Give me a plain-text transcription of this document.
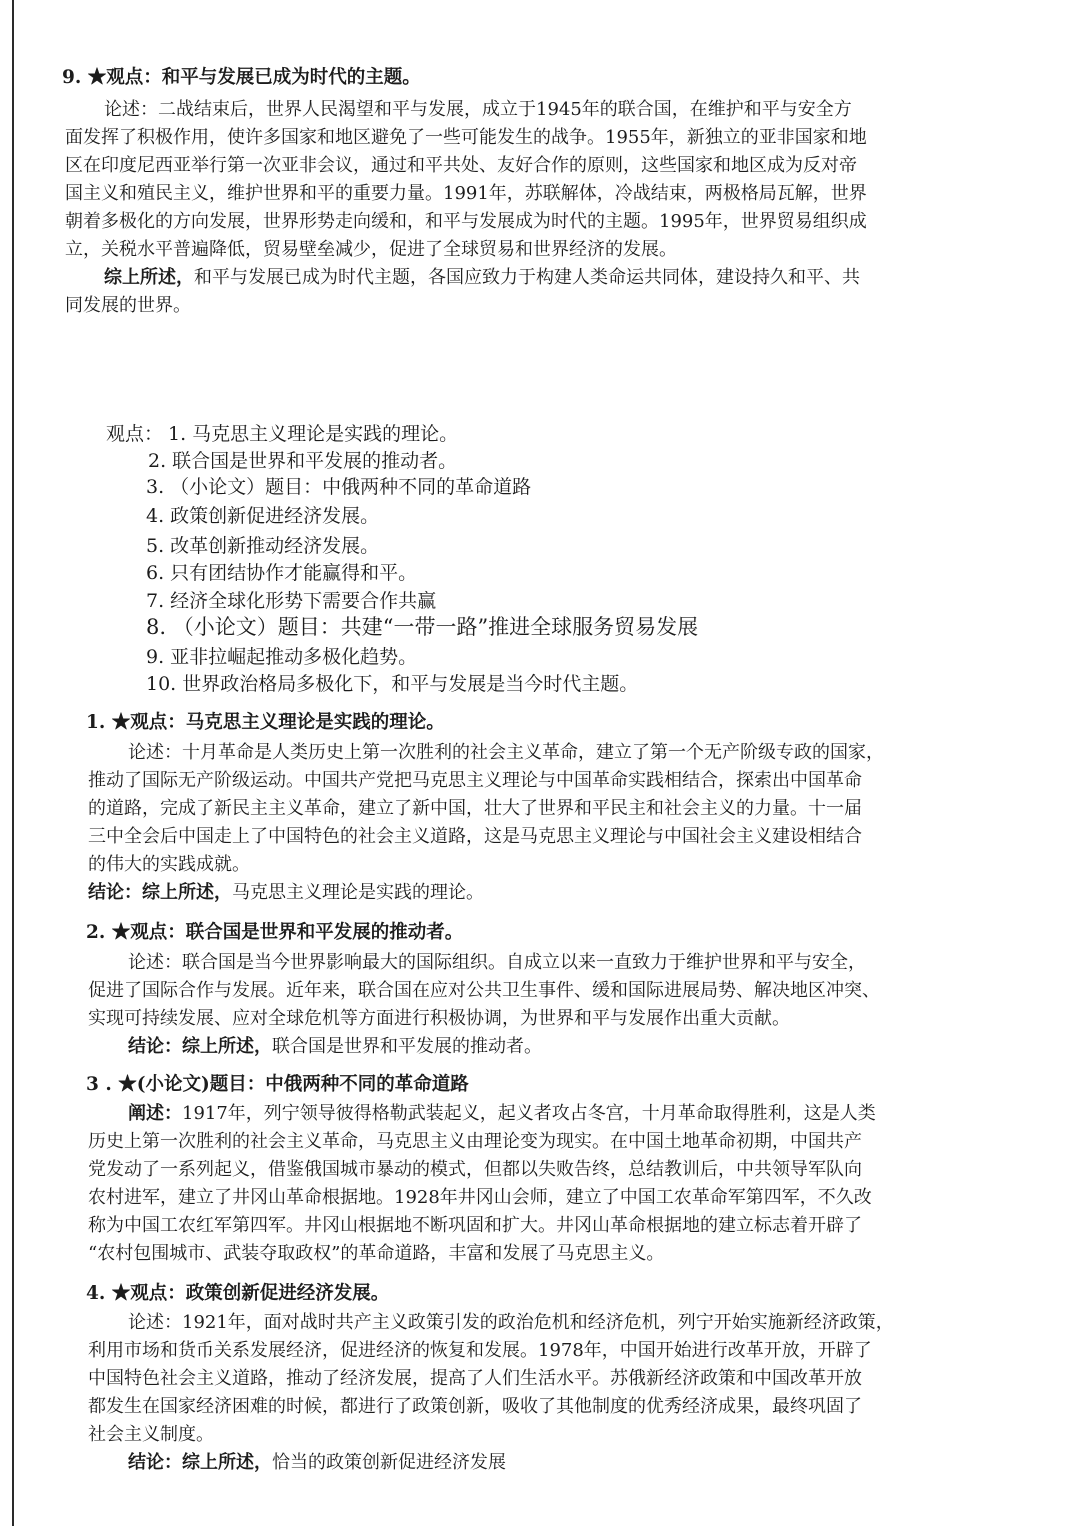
9. ★观点：和平与发展已成为时代的主题。
论述：二战结束后，世界人民渴望和平与发展，成立于1945年的联合国，在维护和平与安全方
面发挥了积极作用，使许多国家和地区避免了一些可能发生的战争。1955年，新独立的亚非国家和地
区在印度尼西亚举行第一次亚非会议，通过和平共处、友好合作的原则，这些国家和地区成为反对帝
国主义和殖民主义，维护世界和平的重要力量。1991年，苏联解体，冷战结束，两极格局瓦解，世界
朝着多极化的方向发展，世界形势走向缓和，和平与发展成为时代的主题。1995年，世界贸易组织成
立，关税水平普遍降低，贸易壁垒减少，促进了全球贸易和世界经济的发展。
综上所述，和平与发展已成为时代主题，各国应致力于构建人类命运共同体，建设持久和平、共
同发展的世界。
观点： 1. 马克思主义理论是实践的理论。
2. 联合国是世界和平发展的推动者。
3. （小论文）题目：中俄两种不同的革命道路
4. 政策创新促进经济发展。
5. 改革创新推动经济发展。
6. 只有团结协作才能赢得和平。
7. 经济全球化形势下需要合作共赢
8. （小论文）题目：共建“一带一路”推进全球服务贸易发展
9. 亚非拉崛起推动多极化趋势。
10. 世界政治格局多极化下，和平与发展是当今时代主题。
1. ★观点：马克思主义理论是实践的理论。
论述：十月革命是人类历史上第一次胜利的社会主义革命，建立了第一个无产阶级专政的国家，
推动了国际无产阶级运动。中国共产党把马克思主义理论与中国革命实践相结合，探索出中国革命
的道路，完成了新民主主义革命，建立了新中国，壮大了世界和平民主和社会主义的力量。十一届
三中全会后中国走上了中国特色的社会主义道路，这是马克思主义理论与中国社会主义建设相结合
的伟大的实践成就。
结论：综上所述，马克思主义理论是实践的理论。
2. ★观点：联合国是世界和平发展的推动者。
论述：联合国是当今世界影响最大的国际组织。自成立以来一直致力于维护世界和平与安全，
促进了国际合作与发展。近年来，联合国在应对公共卫生事件、缓和国际进展局势、解决地区冲突、
实现可持续发展、应对全球危机等方面进行积极协调，为世界和平与发展作出重大贡献。
结论：综上所述，联合国是世界和平发展的推动者。
3 . ★(小论文)题目：中俄两种不同的革命道路
阐述：1917年，列宁领导彼得格勒武装起义，起义者攻占冬宫，十月革命取得胜利，这是人类
历史上第一次胜利的社会主义革命，马克思主义由理论变为现实。在中国土地革命初期，中国共产
党发动了一系列起义，借鉴俄国城市暴动的模式，但都以失败告终，总结教训后，中共领导军队向
农村进军，建立了井冈山革命根据地。1928年井冈山会师，建立了中国工农革命军第四军，不久改
称为中国工农红军第四军。井冈山根据地不断巩固和扩大。井冈山革命根据地的建立标志着开辟了
“农村包围城市、武装夺取政权”的革命道路，丰富和发展了马克思主义。
4. ★观点：政策创新促进经济发展。
论述：1921年，面对战时共产主义政策引发的政治危机和经济危机，列宁开始实施新经济政策，
利用市场和货币关系发展经济，促进经济的恢复和发展。1978年，中国开始进行改革开放，开辟了
中国特色社会主义道路，推动了经济发展，提高了人们生活水平。苏俄新经济政策和中国改革开放
都发生在国家经济困难的时候，都进行了政策创新，吸收了其他制度的优秀经济成果，最终巩固了
社会主义制度。
结论：综上所述，恰当的政策创新促进经济发展
